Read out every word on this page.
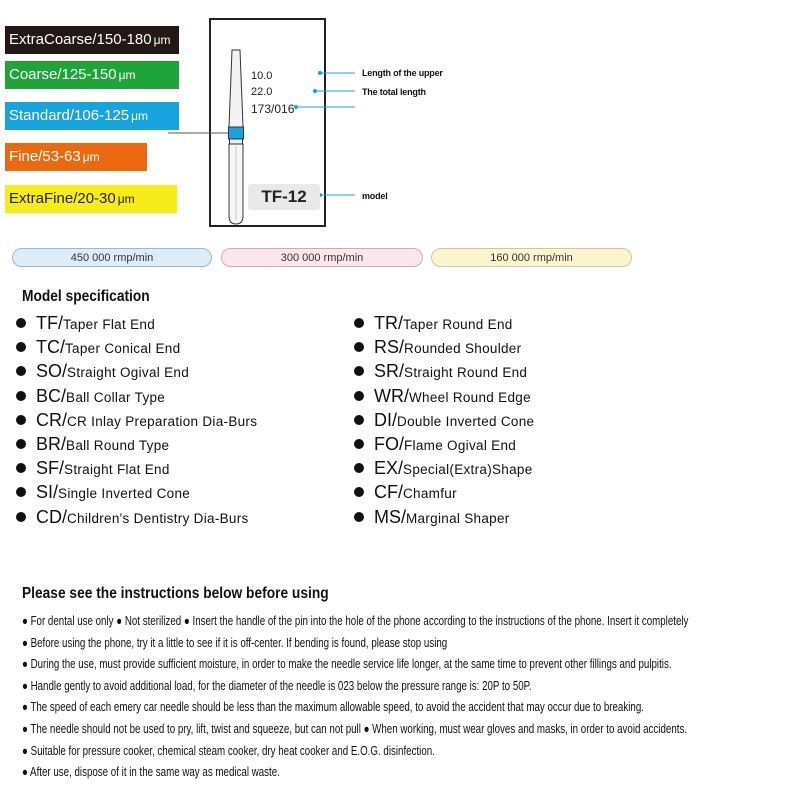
ExtraCoarse/150-180 μm
Coarse/125-150 μm
Standard/106-125 μm
Fine/53-63 μm
ExtraFine/20-30 μm
10.0
22.0
173/016
TF-12
Length of the upper
The total length
model
450 000 rmp/min	300 000 rmp/min	160 000 rmp/min
Model specification
TF/ Taper Flat End
TC/ Taper Conical End
SO/ Straight Ogival End
BC/ Ball Collar Type
CR/ CR Inlay Preparation Dia-Burs
BR/ Ball Round Type
SF/ Straight Flat End
SI/ Single Inverted Cone
CD/ Children's Dentistry Dia-Burs
TR/ Taper Round End
RS/ Rounded Shoulder
SR/ Straight Round End
WR/ Wheel Round Edge
DI/ Double Inverted Cone
FO/ Flame Ogival End
EX/ Special(Extra)Shape
CF/ Chamfur
MS/ Marginal Shaper
Please see the instructions below before using
● For dental use only ● Not sterilized ● Insert the handle of the pin into the hole of the phone according to the instructions of the phone. Insert it completely
● Before using the phone, try it a little to see if it is off-center. If bending is found, please stop using
● During the use, must provide sufficient moisture, in order to make the needle service life longer, at the same time to prevent other fillings and pulpitis.
● Handle gently to avoid additional load, for the diameter of the needle is 023 below the pressure range is: 20P to 50P.
● The speed of each emery car needle should be less than the maximum allowable speed, to avoid the accident that may occur due to breaking.
● The needle should not be used to pry, lift, twist and squeeze, but can not pull ● When working, must wear gloves and masks, in order to avoid accidents.
● Suitable for pressure cooker, chemical steam cooker, dry heat cooker and E.O.G. disinfection.
● After use, dispose of it in the same way as medical waste.
